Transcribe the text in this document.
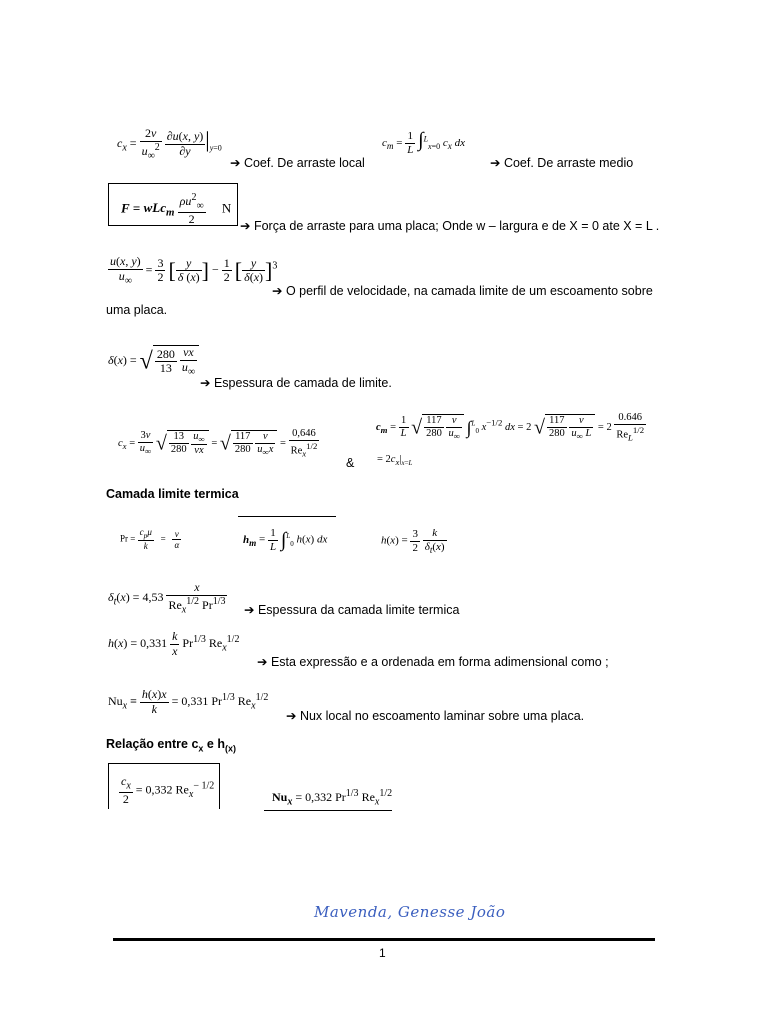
$c_x = \frac{2\nu}{u_\infty^2}$
$\frac{\partial u(x, y)}{\partial y} |_{y=0}$
➔ Coef. De arraste local
$c_m = \frac{1}{L} \int^L_{x=0}$ $c_x$ dx
➔ Coef. De arraste medio
$F = wLc_m \frac{\rho u^2_\infty}{2}$ N
➔ Força de arraste para uma placa; Onde w – largura e de X = 0 ate X = L .
$\frac{u(x, y)}{u_\infty} = \frac{3}{2}$ [ $\frac{y}{\delta (x)}$ ] − $\frac{1}{2}$ [ $\frac{y}{\delta(x)} ]^3$
➔ O perfil de velocidade, na camada limite de um escoamento sobre
uma placa.
δ(x) = √ $\frac{280}{13}$
$\frac{\nu x}{u_\infty}$
➔ Espessura de camada de limite.
$c_x = \frac{3\nu}{u_\infty}$ √ $\frac{13}{280}$
$\frac{u_\infty}{\nu x}$ = √ $\frac{117}{280}$
$\frac{\nu}{u_\infty x} = \frac{0,646}{Re_x^{1/2}}$
&
$c_m = \frac{1}{L}$ √ $\frac{117}{280}$
$\frac{\nu}{u_\infty} \int^L_0$ $x^{-1/2}$ dx = 2 √ $\frac{117}{280}$
$\frac{\nu}{u_\infty L} = 2 \frac{0.646}{Re_L^{1/2}}$
= $2c_x|_{x=L}$
Camada limite termica
$Pr = \frac{c_p\mu}{k} = \frac{\nu}{\alpha}$	$h_m = \frac{1}{L} \int^L_0$ h(x) dx	$h(x) = \frac{3}{2}$
$\frac{k}{\delta_t(x)}$
$\delta_t(x) = 4,53 \frac{x}{Re_x^{1/2} Pr^{1/3}}$ ➔ Espessura da camada limite termica
$h(x) = 0,331 \frac{k}{x} Pr^{1/3}$ $Re_x^{1/2}$
➔ Esta expressão e a ordenada em forma adimensional como ;
$Nu_x \equiv \frac{h(x)x}{k} = 0,331$ $Pr^{1/3}$ $Re_x^{1/2}$
➔ Nux local no escoamento laminar sobre uma placa.
Relação entre $c_x$ e $h_{(x)}$
$\frac{c_x}{2} = 0,332$ $Re_x^{- 1/2}$
$Nu_x = 0,332$ $Pr^{1/3}$ $Re_x^{1/2}$
Mavenda, Genesse João
1
